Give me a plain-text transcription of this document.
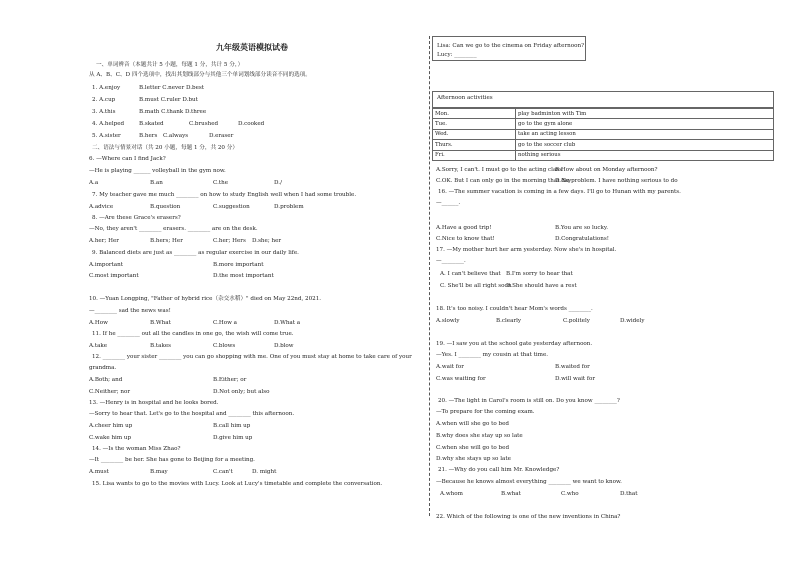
九年级英语模拟试卷
一、单词辨音（本题共计 5 小题，每题 1 分，共计 5 分，）
从 A、B、C、D 四个选项中，找出其划线部分与其他三个单词划线部分读音不同的选项。
1. A.enjoy	B.letter C.never D.best
2. A.cup	B.must C.ruler D.but
3. A.this	B.math C.thank D.three
4. A.helped	B.skated	C.brushed	D.cooked
5. A.sister	B.hers C.always	D.eraser
二、语法与情景对话（共 20 小题，每题 1 分，共 20 分）
6. —Where can I find Jack?
—He is playing ______ volleyball in the gym now.
A.a	B.an	C.the	D./
7. My teacher gave me much ________ on how to study English well when I had some trouble.
A.advice	B.question	C.suggestion	D.problem
8. —Are these Grace's erasers?
—No, they aren't ________ erasers. ________ are on the desk.
A.her; Her	B.hers; Her	C.her; Hers D.she; her
9. Balanced diets are just as ________ as regular exercise in our daily life.
A.important	B.more important
C.most important	D.the most important
10. —Yuan Longping, "Father of hybrid rice（杂交水稻）" died on May 22nd, 2021.
—________ sad the news was!
A.How	B.What	C.How a	D.What a
11. If he ________ out all the candles in one go, the wish will come true.
A.take	B.takes	C.blows	D.blow
12. ________ your sister ________ you can go shopping with me. One of you must stay at home to take care of your
grandma.
A.Both; and	B.Either; or
C.Neither; nor	D.Not only; but also
13. —Henry is in hospital and he looks bored.
—Sorry to hear that. Let's go to the hospital and ________ this afternoon.
A.cheer him up	B.call him up
C.wake him up	D.give him up
14. —Is the woman Miss Zhao?
—It ________ be her. She has gone to Beijing for a meeting.
A.must	B.may	C.can't	D. might
15. Lisa wants to go to the movies with Lucy. Look at Lucy's timetable and complete the conversation.
Lisa: Can we go to the cinema on Friday afternoon?
Lucy: ________
Afternoon activities
Mon.	play badminton with Tim
Tue.	go to the gym alone
Wed.	take an acting lesson
Thurs.	go to the soccer club
Fri.	nothing serious
A.Sorry, I can't. I must go to the acting class
B.How about on Monday afternoon?
C.OK. But I can only go in the morning that day
D.No problem. I have nothing serious to do
16. —The summer vacation is coming in a few days. I'll go to Hunan with my parents.
—______.
A.Have a good trip!	B.You are so lucky.
C.Nice to know that!	D.Congratulations!
17. —My mother hurt her arm yesterday. Now she's in hospital.
—________.
A. I can't believe that B.I'm sorry to hear that
C. She'll be all right soon
D.She should have a rest
18. It's too noisy. I couldn't hear Mom's words ________.
A.slowly	B.clearly	C.politely	D.widely
19. —I saw you at the school gate yesterday afternoon.
—Yes. I ________ my cousin at that time.
A.wait for	B.waited for
C.was waiting for	D.will wait for
20. —The light in Carol's room is still on. Do you know ________?
—To prepare for the coming exam.
A.when will she go to bed
B.why does she stay up so late
C.when she will go to bed
D.why she stays up so late
21. —Why do you call him Mr. Knowledge?
—Because he knows almost everything ________ we want to know.
A.whom	B.what	C.who	D.that
22. Which of the following is one of the new inventions in China?
